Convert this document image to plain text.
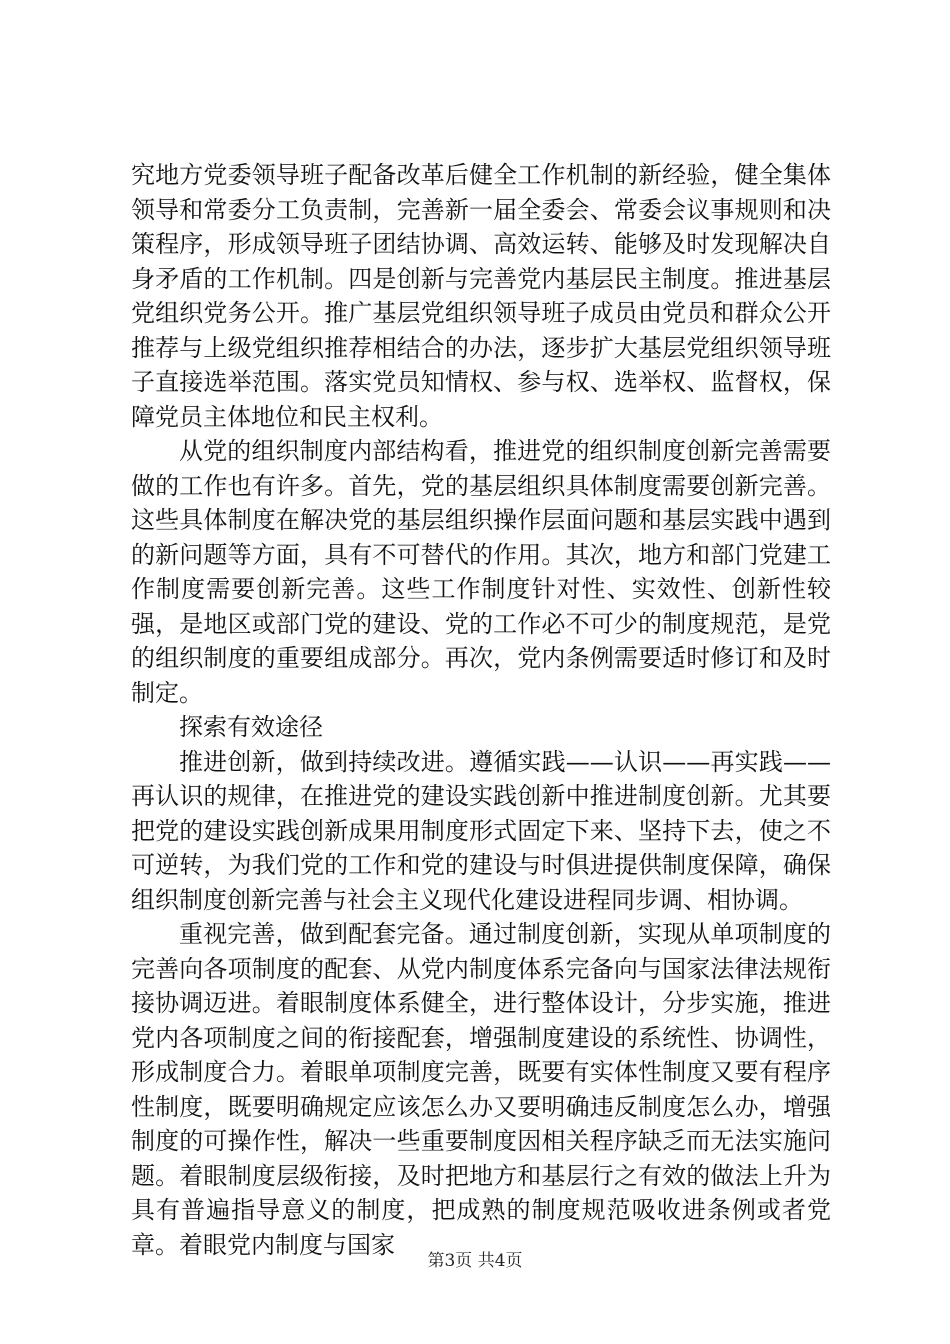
究地方党委领导班子配备改革后健全工作机制的新经验，健全集体领导和常委分工负责制，完善新一届全委会、常委会议事规则和决策程序，形成领导班子团结协调、高效运转、能够及时发现解决自身矛盾的工作机制。四是创新与完善党内基层民主制度。推进基层党组织党务公开。推广基层党组织领导班子成员由党员和群众公开推荐与上级党组织推荐相结合的办法，逐步扩大基层党组织领导班子直接选举范围。落实党员知情权、参与权、选举权、监督权，保障党员主体地位和民主权利。

从党的组织制度内部结构看，推进党的组织制度创新完善需要做的工作也有许多。首先，党的基层组织具体制度需要创新完善。这些具体制度在解决党的基层组织操作层面问题和基层实践中遇到的新问题等方面，具有不可替代的作用。其次，地方和部门党建工作制度需要创新完善。这些工作制度针对性、实效性、创新性较强，是地区或部门党的建设、党的工作必不可少的制度规范，是党的组织制度的重要组成部分。再次，党内条例需要适时修订和及时制定。

探索有效途径

推进创新，做到持续改进。遵循实践——认识——再实践——再认识的规律，在推进党的建设实践创新中推进制度创新。尤其要把党的建设实践创新成果用制度形式固定下来、坚持下去，使之不可逆转，为我们党的工作和党的建设与时俱进提供制度保障，确保组织制度创新完善与社会主义现代化建设进程同步调、相协调。

重视完善，做到配套完备。通过制度创新，实现从单项制度的完善向各项制度的配套、从党内制度体系完备向与国家法律法规衔接协调迈进。着眼制度体系健全，进行整体设计，分步实施，推进党内各项制度之间的衔接配套，增强制度建设的系统性、协调性，形成制度合力。着眼单项制度完善，既要有实体性制度又要有程序性制度，既要明确规定应该怎么办又要明确违反制度怎么办，增强制度的可操作性，解决一些重要制度因相关程序缺乏而无法实施问题。着眼制度层级衔接，及时把地方和基层行之有效的做法上升为具有普遍指导意义的制度，把成熟的制度规范吸收进条例或者党章。着眼党内制度与国家

第3页 共4页
